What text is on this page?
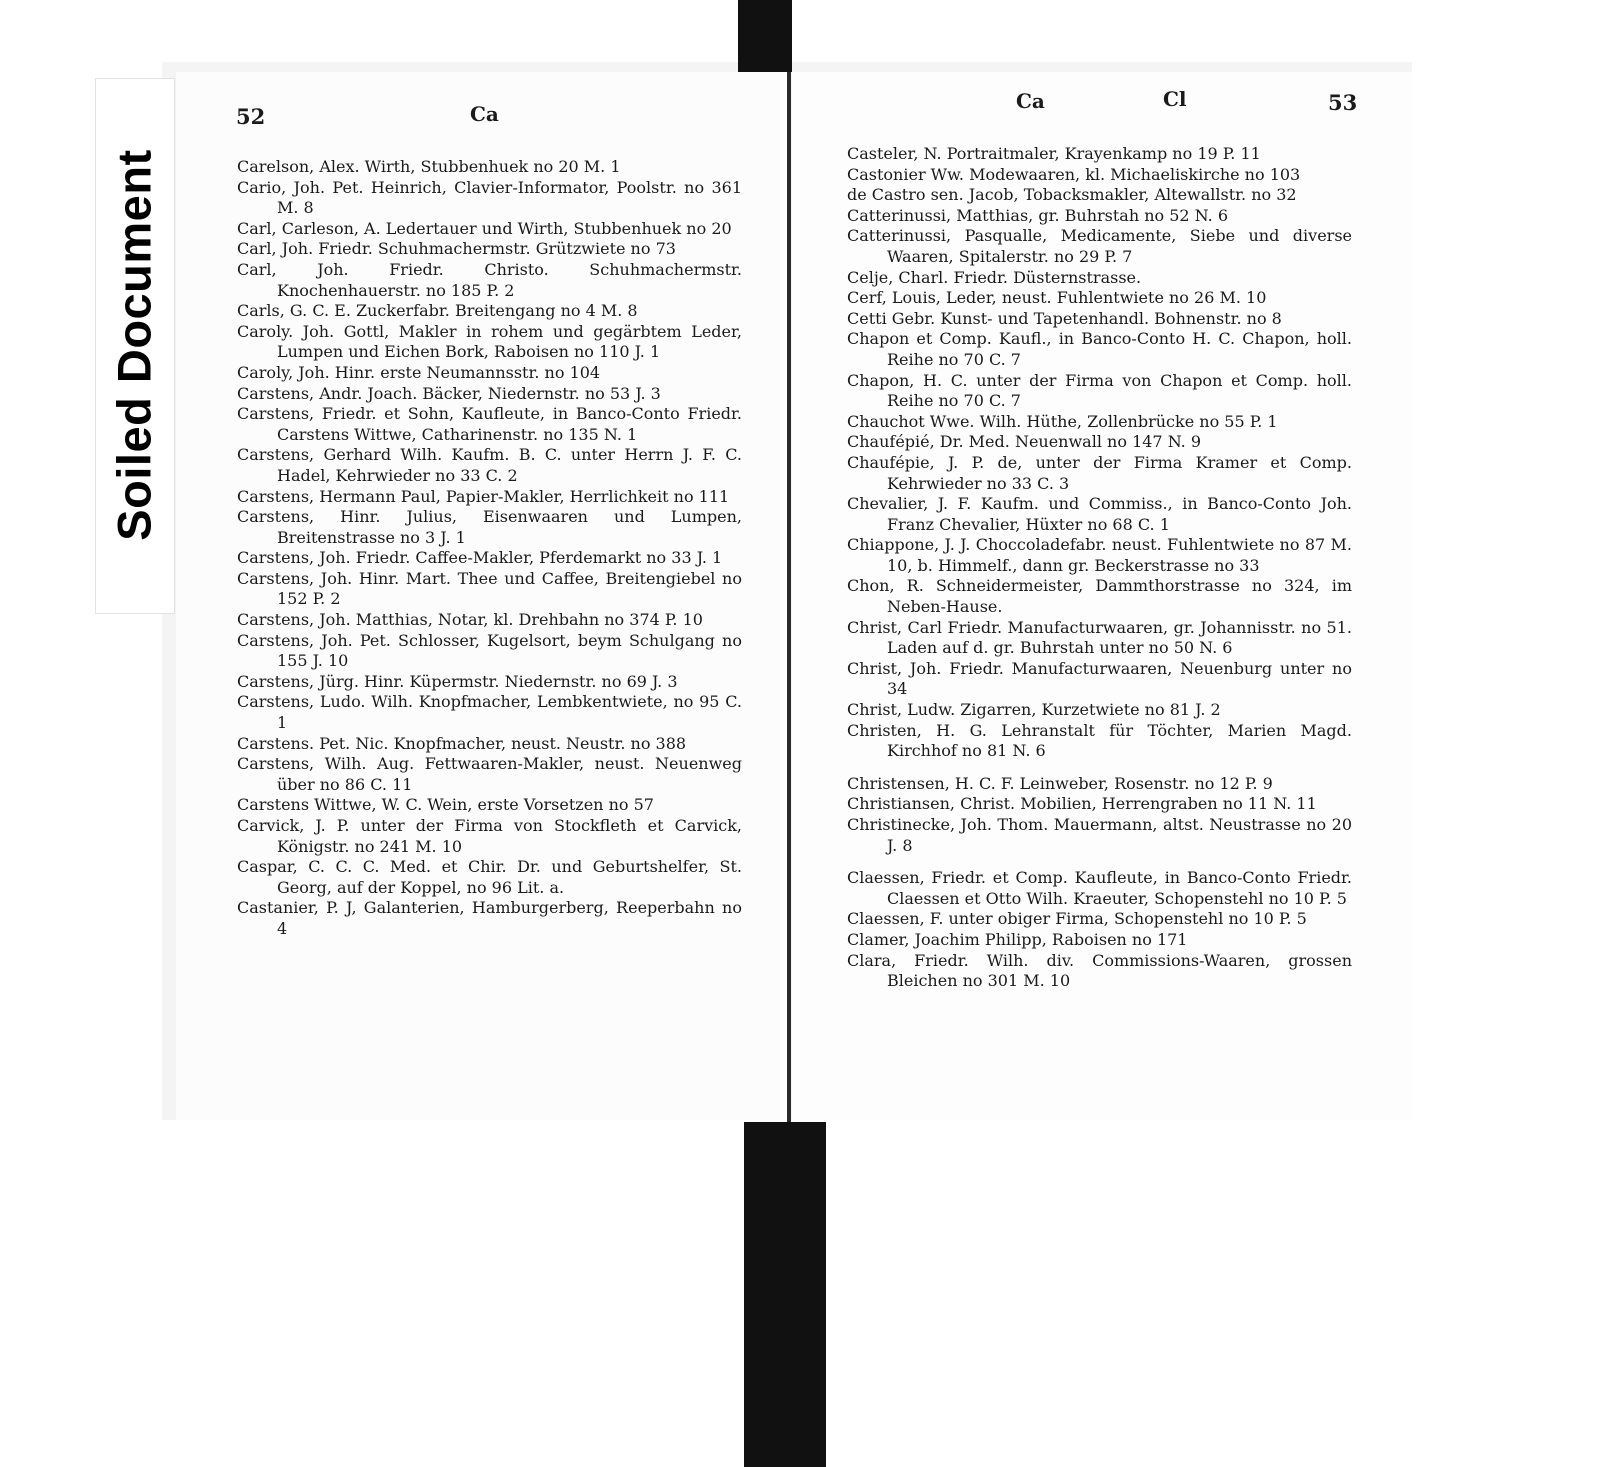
Soiled Document
52	Ca
Ca	Cl	53
Carelson, Alex. Wirth, Stubbenhuek no 20 M. 1
Cario, Joh. Pet. Heinrich, Clavier-Informator, Poolstr. no 361 M. 8
Carl, Carleson, A. Ledertauer und Wirth, Stubbenhuek no 20
Carl, Joh. Friedr. Schuhmachermstr. Grützwiete no 73
Carl, Joh. Friedr. Christo. Schuhmachermstr. Knochenhauerstr. no 185 P. 2
Carls, G. C. E. Zuckerfabr. Breitengang no 4 M. 8
Caroly. Joh. Gottl, Makler in rohem und gegärbtem Leder, Lumpen und Eichen Bork, Raboisen no 110 J. 1
Caroly, Joh. Hinr. erste Neumannsstr. no 104
Carstens, Andr. Joach. Bäcker, Niedernstr. no 53 J. 3
Carstens, Friedr. et Sohn, Kaufleute, in Banco-Conto Friedr. Carstens Wittwe, Catharinenstr. no 135 N. 1
Carstens, Gerhard Wilh. Kaufm. B. C. unter Herrn J. F. C. Hadel, Kehrwieder no 33 C. 2
Carstens, Hermann Paul, Papier-Makler, Herrlichkeit no 111
Carstens, Hinr. Julius, Eisenwaaren und Lumpen, Breitenstrasse no 3 J. 1
Carstens, Joh. Friedr. Caffee-Makler, Pferdemarkt no 33 J. 1
Carstens, Joh. Hinr. Mart. Thee und Caffee, Breitengiebel no 152 P. 2
Carstens, Joh. Matthias, Notar, kl. Drehbahn no 374 P. 10
Carstens, Joh. Pet. Schlosser, Kugelsort, beym Schulgang no 155 J. 10
Carstens, Jürg. Hinr. Küpermstr. Niedernstr. no 69 J. 3
Carstens, Ludo. Wilh. Knopfmacher, Lembkentwiete, no 95 C. 1
Carstens. Pet. Nic. Knopfmacher, neust. Neustr. no 388
Carstens, Wilh. Aug. Fettwaaren-Makler, neust. Neuenweg über no 86 C. 11
Carstens Wittwe, W. C. Wein, erste Vorsetzen no 57
Carvick, J. P. unter der Firma von Stockfleth et Carvick, Königstr. no 241 M. 10
Caspar, C. C. C. Med. et Chir. Dr. und Geburtshelfer, St. Georg, auf der Koppel, no 96 Lit. a.
Castanier, P. J, Galanterien, Hamburgerberg, Reeperbahn no 4
Casteler, N. Portraitmaler, Krayenkamp no 19 P. 11
Castonier Ww. Modewaaren, kl. Michaeliskirche no 103
de Castro sen. Jacob, Tobacksmakler, Altewallstr. no 32
Catterinussi, Matthias, gr. Buhrstah no 52 N. 6
Catterinussi, Pasqualle, Medicamente, Siebe und diverse Waaren, Spitalerstr. no 29 P. 7
Celje, Charl. Friedr. Düsternstrasse.
Cerf, Louis, Leder, neust. Fuhlentwiete no 26 M. 10
Cetti Gebr. Kunst- und Tapetenhandl. Bohnenstr. no 8
Chapon et Comp. Kaufl., in Banco-Conto H. C. Chapon, holl. Reihe no 70 C. 7
Chapon, H. C. unter der Firma von Chapon et Comp. holl. Reihe no 70 C. 7
Chauchot Wwe. Wilh. Hüthe, Zollenbrücke no 55 P. 1
Chaufépié, Dr. Med. Neuenwall no 147 N. 9
Chaufépie, J. P. de, unter der Firma Kramer et Comp. Kehrwieder no 33 C. 3
Chevalier, J. F. Kaufm. und Commiss., in Banco-Conto Joh. Franz Chevalier, Hüxter no 68 C. 1
Chiappone, J. J. Choccoladefabr. neust. Fuhlentwiete no 87 M. 10, b. Himmelf., dann gr. Beckerstrasse no 33
Chon, R. Schneidermeister, Dammthorstrasse no 324, im Neben-Hause.
Christ, Carl Friedr. Manufacturwaaren, gr. Johannisstr. no 51. Laden auf d. gr. Buhrstah unter no 50 N. 6
Christ, Joh. Friedr. Manufacturwaaren, Neuenburg unter no 34
Christ, Ludw. Zigarren, Kurzetwiete no 81 J. 2
Christen, H. G. Lehranstalt für Töchter, Marien Magd. Kirchhof no 81 N. 6
Christensen, H. C. F. Leinweber, Rosenstr. no 12 P. 9
Christiansen, Christ. Mobilien, Herrengraben no 11 N. 11
Christinecke, Joh. Thom. Mauermann, altst. Neustrasse no 20 J. 8
Claessen, Friedr. et Comp. Kaufleute, in Banco-Conto Friedr. Claessen et Otto Wilh. Kraeuter, Schopenstehl no 10 P. 5
Claessen, F. unter obiger Firma, Schopenstehl no 10 P. 5
Clamer, Joachim Philipp, Raboisen no 171
Clara, Friedr. Wilh. div. Commissions-Waaren, grossen Bleichen no 301 M. 10
